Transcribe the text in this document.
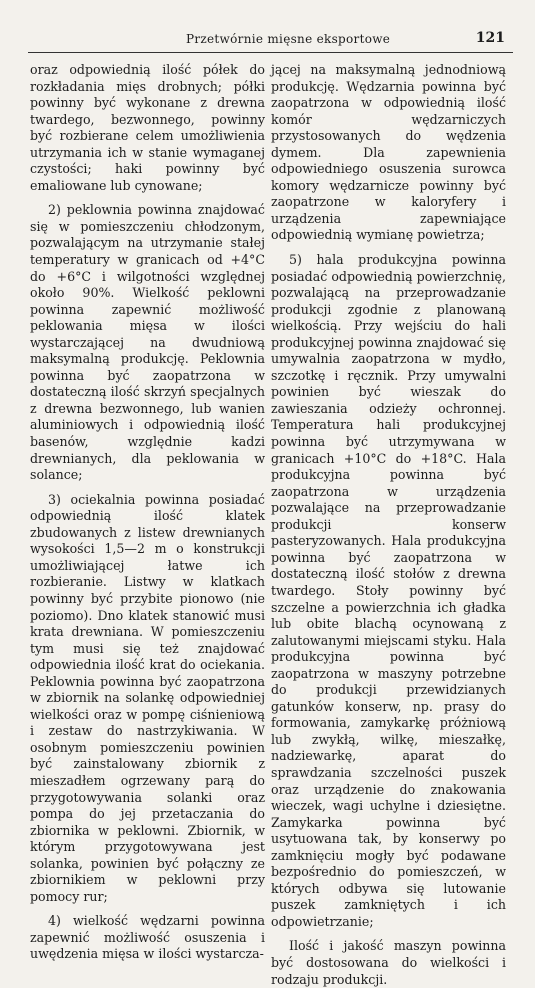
Przetwórnie mięsne eksportowe	121

oraz odpowiednią ilość półek do rozkładania mięs drobnych; półki powinny być wykonane z drewna twardego, bezwonnego, powinny być rozbierane celem umożliwienia utrzymania ich w stanie wymaganej czystości; haki powinny być emaliowane lub cynowane;

2) peklownia powinna znajdować się w pomieszczeniu chłodzonym, pozwalającym na utrzymanie stałej temperatury w granicach od +4°C do +6°C i wilgotności względnej około 90%. Wielkość peklowni powinna zapewnić możliwość peklowania mięsa w ilości wystarczającej na dwudniową maksymalną produkcję. Peklownia powinna być zaopatrzona w dostateczną ilość skrzyń specjalnych z drewna bezwonnego, lub wanien aluminiowych i odpowiednią ilość basenów, względnie kadzi drewnianych, dla peklowania w solance;

3) ociekalnia powinna posiadać odpowiednią ilość klatek zbudowanych z listew drewnianych wysokości 1,5—2 m o konstrukcji umożliwiającej łatwe ich rozbieranie. Listwy w klatkach powinny być przybite pionowo (nie poziomo). Dno klatek stanowić musi krata drewniana. W pomieszczeniu tym musi się też znajdować odpowiednia ilość krat do ociekania. Peklownia powinna być zaopatrzona w zbiornik na solankę odpowiedniej wielkości oraz w pompę ciśnieniową i zestaw do nastrzykiwania. W osobnym pomieszczeniu powinien być zainstalowany zbiornik z mieszadłem ogrzewany parą do przygotowywania solanki oraz pompa do jej przetaczania do zbiornika w peklowni. Zbiornik, w którym przygotowywana jest solanka, powinien być połączny ze zbiornikiem w peklowni przy pomocy rur;

4) wielkość wędzarni powinna zapewnić możliwość osuszenia i uwędzenia mięsa w ilości wystarcza-

jącej na maksymalną jednodniową produkcję. Wędzarnia powinna być zaopatrzona w odpowiednią ilość komór wędzarniczych przystosowanych do wędzenia dymem. Dla zapewnienia odpowiedniego osuszenia surowca komory wędzarnicze powinny być zaopatrzone w kaloryfery i urządzenia zapewniające odpowiednią wymianę powietrza;

5) hala produkcyjna powinna posiadać odpowiednią powierzchnię, pozwalającą na przeprowadzanie produkcji zgodnie z planowaną wielkością. Przy wejściu do hali produkcyjnej powinna znajdować się umywalnia zaopatrzona w mydło, szczotkę i ręcznik. Przy umywalni powinien być wieszak do zawieszania odzieży ochronnej. Temperatura hali produkcyjnej powinna być utrzymywana w granicach +10°C do +18°C. Hala produkcyjna powinna być zaopatrzona w urządzenia pozwalające na przeprowadzanie produkcji konserw pasteryzowanych. Hala produkcyjna powinna być zaopatrzona w dostateczną ilość stołów z drewna twardego. Stoły powinny być szczelne a powierzchnia ich gładka lub obite blachą ocynowaną z zalutowanymi miejscami styku. Hala produkcyjna powinna być zaopatrzona w maszyny potrzebne do produkcji przewidzianych gatunków konserw, np. prasy do formowania, zamykarkę próżniową lub zwykłą, wilkę, mieszałkę, nadziewarkę, aparat do sprawdzania szczelności puszek oraz urządzenie do znakowania wieczek, wagi uchylne i dziesiętne. Zamykarka powinna być usytuowana tak, by konserwy po zamknięciu mogły być podawane bezpośrednio do pomieszczeń, w których odbywa się lutowanie puszek zamkniętych i ich odpowietrzanie;

Ilość i jakość maszyn powinna być dostosowana do wielkości i rodzaju produkcji.
